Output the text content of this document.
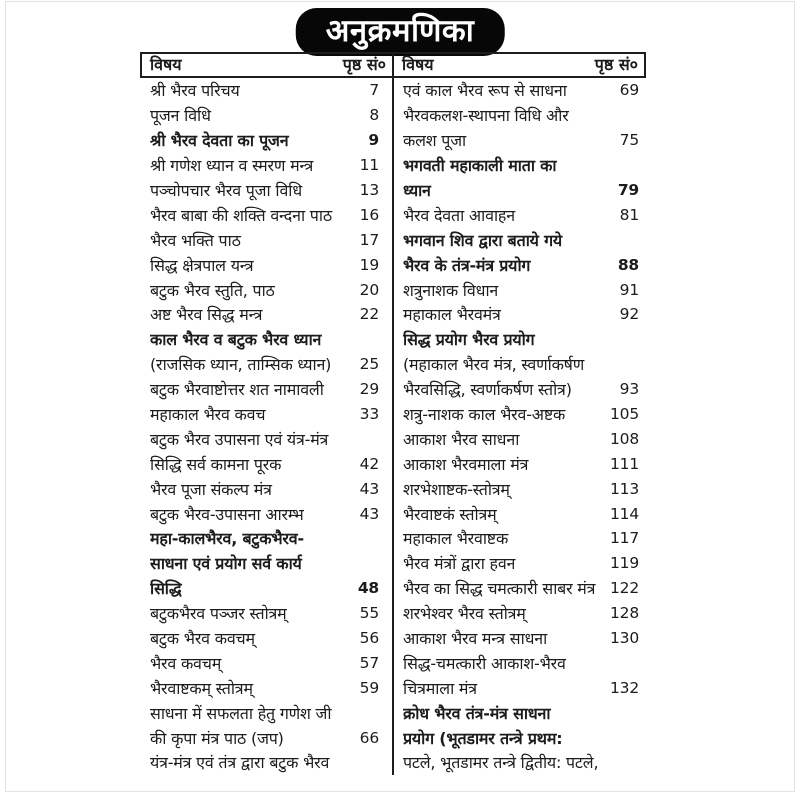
अनुक्रमणिका
विषय	पृष्ठ सं०
श्री भैरव परिचय	7
पूजन विधि	8
श्री भैरव देवता का पूजन	9
श्री गणेश ध्यान व स्मरण मन्त्र	11
पञ्चोपचार भैरव पूजा विधि	13
भैरव बाबा की शक्ति वन्दना पाठ	16
भैरव भक्ति पाठ	17
सिद्ध क्षेत्रपाल यन्त्र	19
बटुक भैरव स्तुति, पाठ	20
अष्ट भैरव सिद्ध मन्त्र	22
काल भैरव व बटुक भैरव ध्यान
(राजसिक ध्यान, ताम्सिक ध्यान)	25
बटुक भैरवाष्टोत्तर शत नामावली	29
महाकाल भैरव कवच	33
बटुक भैरव उपासना एवं यंत्र-मंत्र
सिद्धि सर्व कामना पूरक	42
भैरव पूजा संकल्प मंत्र	43
बटुक भैरव-उपासना आरम्भ	43
महा-कालभैरव, बटुकभैरव-
साधना एवं प्रयोग सर्व कार्य
सिद्धि	48
बटुकभैरव पञ्जर स्तोत्रम्	55
बटुक भैरव कवचम्	56
भैरव कवचम्	57
भैरवाष्टकम् स्तोत्रम्	59
साधना में सफलता हेतु गणेश जी
की कृपा मंत्र पाठ (जप)	66
यंत्र-मंत्र एवं तंत्र द्वारा बटुक भैरव
विषय	पृष्ठ सं०
एवं काल भैरव रूप से साधना	69
भैरवकलश-स्थापना विधि और
कलश पूजा	75
भगवती महाकाली माता का
ध्यान	79
भैरव देवता आवाहन	81
भगवान शिव द्वारा बताये गये
भैरव के तंत्र-मंत्र प्रयोग	88
शत्रुनाशक विधान	91
महाकाल भैरवमंत्र	92
सिद्ध प्रयोग भैरव प्रयोग
(महाकाल भैरव मंत्र, स्वर्णाकर्षण
भैरवसिद्धि, स्वर्णाकर्षण स्तोत्र)	93
शत्रु-नाशक काल भैरव-अष्टक	105
आकाश भैरव साधना	108
आकाश भैरवमाला मंत्र	111
शरभेशाष्टक-स्तोत्रम्	113
भैरवाष्टकं स्तोत्रम्	114
महाकाल भैरवाष्टक	117
भैरव मंत्रों द्वारा हवन	119
भैरव का सिद्ध चमत्कारी साबर मंत्र 122
शरभेश्वर भैरव स्तोत्रम्	128
आकाश भैरव मन्त्र साधना	130
सिद्ध-चमत्कारी आकाश-भैरव
चित्रमाला मंत्र	132
क्रोध भैरव तंत्र-मंत्र साधना
प्रयोग (भूतडामर तन्त्रे प्रथम:
पटले, भूतडामर तन्त्रे द्वितीय: पटले,
